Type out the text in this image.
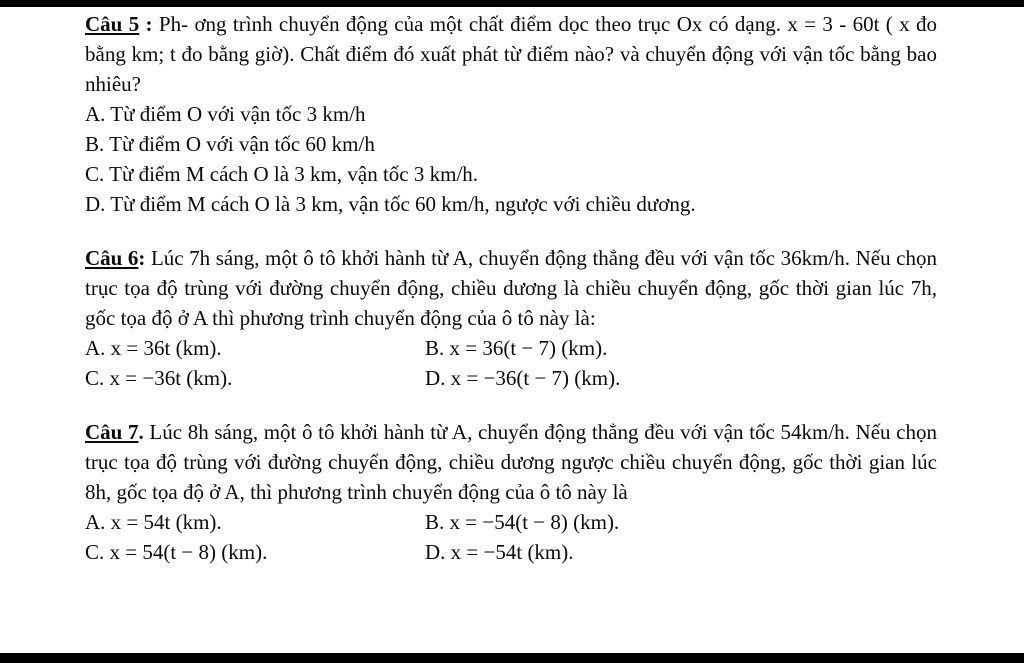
Câu 5 : Ph- ơng trình chuyển động của một chất điểm dọc theo trục Ox có dạng. x = 3 - 60t ( x đo bằng km; t đo bằng giờ). Chất điểm đó xuất phát từ điểm nào? và chuyển động với vận tốc bằng bao nhiêu?

A. Từ điểm O với vận tốc 3 km/h
B. Từ điểm O với vận tốc 60 km/h
C. Từ điểm M cách O là 3 km, vận tốc 3 km/h.
D. Từ điểm M cách O là 3 km, vận tốc 60 km/h, ngược với chiều dương.

Câu 6: Lúc 7h sáng, một ô tô khởi hành từ A, chuyển động thẳng đều với vận tốc 36km/h. Nếu chọn trục tọa độ trùng với đường chuyển động, chiều dương là chiều chuyển động, gốc thời gian lúc 7h, gốc tọa độ ở A thì phương trình chuyển động của ô tô này là:

A. x = 36t (km).	B. x = 36(t − 7) (km).
C. x = −36t (km).	D. x = −36(t − 7) (km).

Câu 7. Lúc 8h sáng, một ô tô khởi hành từ A, chuyển động thẳng đều với vận tốc 54km/h. Nếu chọn trục tọa độ trùng với đường chuyển động, chiều dương ngược chiều chuyển động, gốc thời gian lúc 8h, gốc tọa độ ở A, thì phương trình chuyển động của ô tô này là

A. x = 54t (km).	B. x = −54(t − 8) (km).
C. x = 54(t − 8) (km).	D. x = −54t (km).
